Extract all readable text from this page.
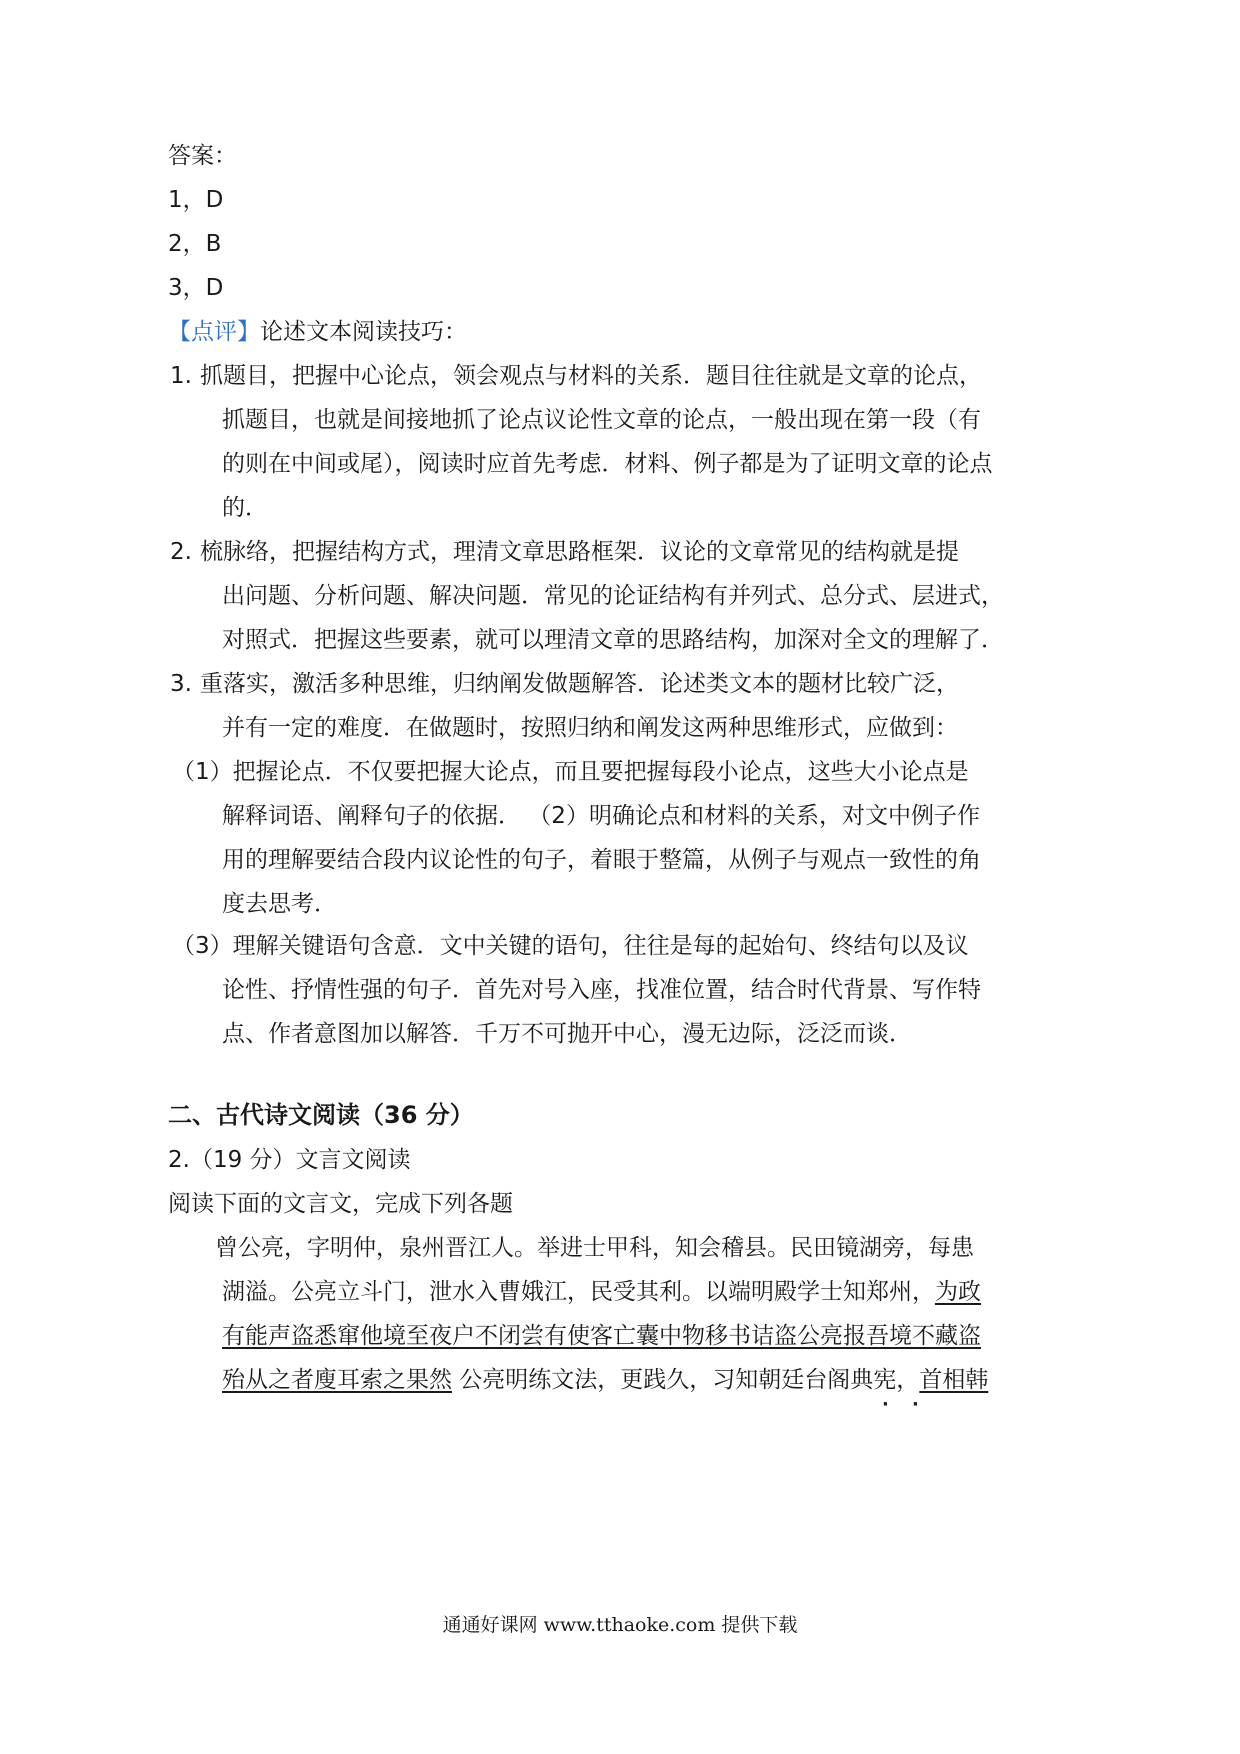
答案：
1，D
2，B
3，D
【点评】论述文本阅读技巧：
1. 抓题目，把握中心论点，领会观点与材料的关系．题目往往就是文章的论点，
抓题目，也就是间接地抓了论点议论性文章的论点，一般出现在第一段（有
的则在中间或尾），阅读时应首先考虑．材料、例子都是为了证明文章的论点
的．
2. 梳脉络，把握结构方式，理清文章思路框架．议论的文章常见的结构就是提
出问题、分析问题、解决问题．常见的论证结构有并列式、总分式、层进式，
对照式．把握这些要素，就可以理清文章的思路结构，加深对全文的理解了．
3. 重落实，激活多种思维，归纳阐发做题解答．论述类文本的题材比较广泛，
并有一定的难度．在做题时，按照归纳和阐发这两种思维形式，应做到：
（1）把握论点．不仅要把握大论点，而且要把握每段小论点，这些大小论点是
解释词语、阐释句子的依据． （2）明确论点和材料的关系，对文中例子作
用的理解要结合段内议论性的句子，着眼于整篇，从例子与观点一致性的角
度去思考．
（3）理解关键语句含意．文中关键的语句，往往是每的起始句、终结句以及议
论性、抒情性强的句子．首先对号入座，找准位置，结合时代背景、写作特
点、作者意图加以解答．千万不可抛开中心，漫无边际，泛泛而谈．
二、古代诗文阅读（36 分）
2.（19 分）文言文阅读
阅读下面的文言文，完成下列各题
曾公亮，字明仲，泉州晋江人。举进士甲科，知会稽县。民田镜湖旁，每患
湖溢。公亮立斗门，泄水入曹娥江，民受其利。以端明殿学士知郑州，为政
有能声盗悉窜他境至夜户不闭尝有使客亡囊中物移书诘盗公亮报吾境不藏盗
殆从之者廋耳索之果然 公亮明练文法，更践久，习知朝廷台阁典宪，首相韩
· ·
通通好课网 www.tthaoke.com 提供下载
